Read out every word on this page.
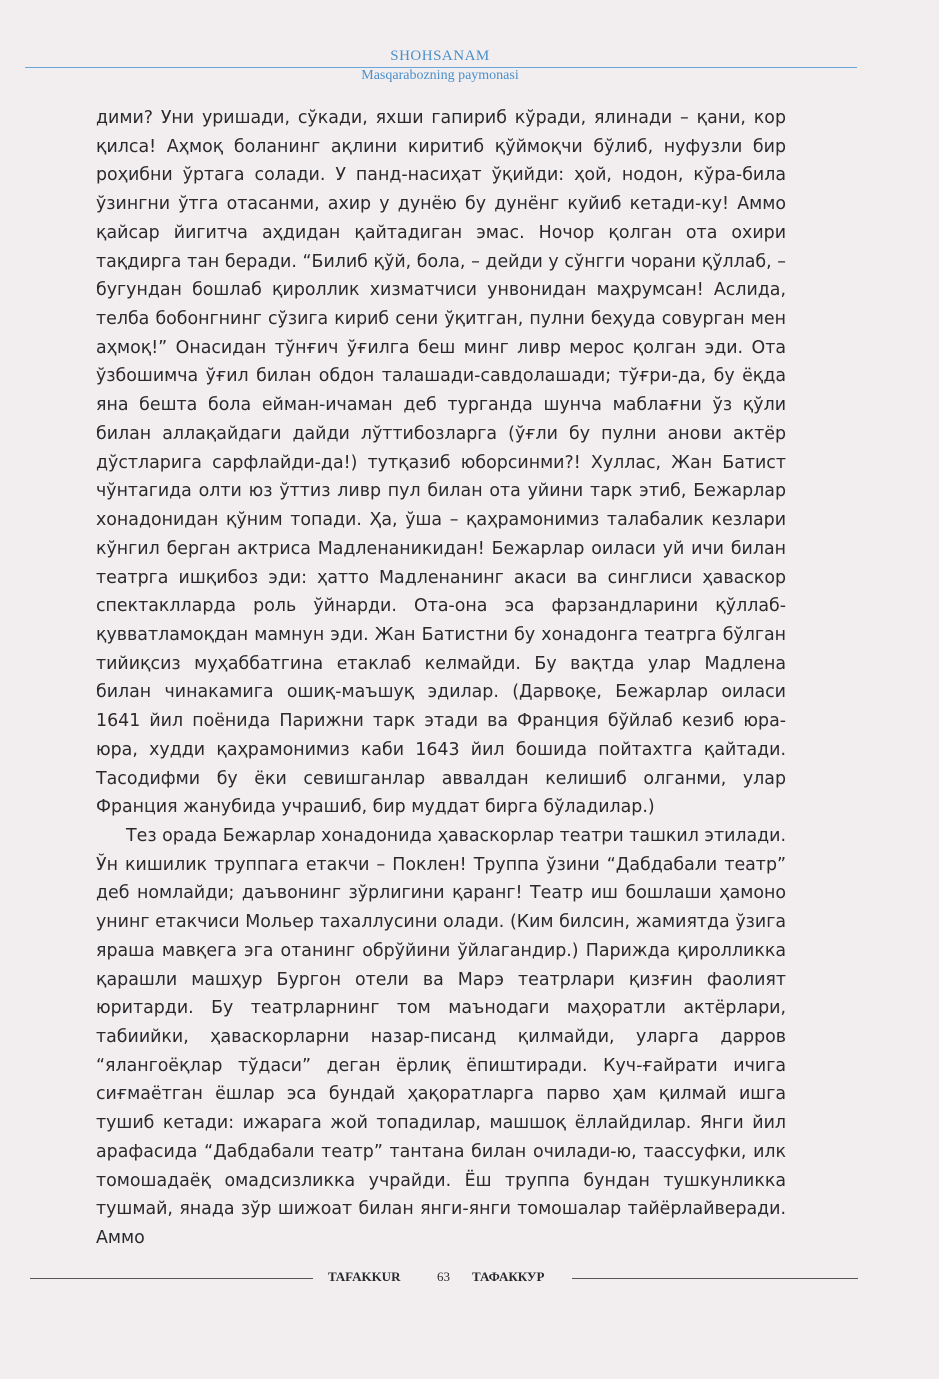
SHOHSANAM
Masqarabozning paymonasi

дими? Уни уришади, сўкади, яхши гапириб кўради, ялинади – қани, кор қилса! Аҳмоқ боланинг ақлини киритиб қўймоқчи бўлиб, нуфузли бир роҳибни ўртага солади. У панд-насиҳат ўқийди: ҳой, нодон, кўра-била ўзингни ўтга отасанми, ахир у дунёю бу дунёнг куйиб кетади-ку! Аммо қайсар йигитча аҳдидан қайтадиган эмас. Ночор қолган ота охири тақдирга тан беради. “Билиб қўй, бола, – дейди у сўнгги чорани қўллаб, – бугундан бошлаб қироллик хизматчиси унвонидан маҳрумсан! Аслида, телба бобонгнинг сўзига кириб сени ўқитган, пулни беҳуда совурган мен аҳмоқ!” Онасидан тўнғич ўғилга беш минг ливр мерос қолган эди. Ота ўзбошимча ўғил билан обдон талашади-савдолашади; тўғри-да, бу ёқда яна бешта бола ейман-ичаман деб турганда шунча маблағни ўз қўли билан аллақайдаги дайди лўттибозларга (ўғли бу пулни анови актёр дўстларига сарфлайди-да!) тутқазиб юборсинми?! Хуллас, Жан Батист чўнтагида олти юз ўттиз ливр пул билан ота уйини тарк этиб, Бежарлар хонадонидан қўним топади. Ҳа, ўша – қаҳрамонимиз талабалик кезлари кўнгил берган актриса Мадленаникидан! Бежарлар оиласи уй ичи билан театрга ишқибоз эди: ҳатто Мадленанинг акаси ва синглиси ҳаваскор спектаклларда роль ўйнарди. Ота-она эса фарзандларини қўллаб-қувватламоқдан мамнун эди. Жан Батистни бу хонадонга театрга бўлган тийиқсиз муҳаббатгина етаклаб келмайди. Бу вақтда улар Мадлена билан чинакамига ошиқ-маъшуқ эдилар. (Дарвоқе, Бежарлар оиласи 1641 йил поёнида Парижни тарк этади ва Франция бўйлаб кезиб юра-юра, худди қаҳрамонимиз каби 1643 йил бошида пойтахтга қайтади. Тасодифми бу ёки севишганлар аввалдан келишиб олганми, улар Франция жанубида учрашиб, бир муддат бирга бўладилар.)

Тез орада Бежарлар хонадонида ҳаваскорлар театри ташкил этилади. Ўн кишилик труппага етакчи – Поклен! Труппа ўзини “Дабдабали театр” деб номлайди; даъвонинг зўрлигини қаранг! Театр иш бошлаши ҳамоно унинг етакчиси Мольер тахаллусини олади. (Ким билсин, жамиятда ўзига яраша мавқега эга отанинг обрўйини ўйлагандир.) Парижда қиролликка қарашли машҳур Бургон отели ва Марэ театрлари қизғин фаолият юритарди. Бу театрларнинг том маънодаги маҳоратли актёрлари, табиийки, ҳаваскорларни назар-писанд қилмайди, уларга дарров “ялангоёқлар тўдаси” деган ёрлиқ ёпиштиради. Куч-ғайрати ичига сиғмаётган ёшлар эса бундай ҳақоратларга парво ҳам қилмай ишга тушиб кетади: ижарага жой топадилар, машшоқ ёллайдилар. Янги йил арафасида “Дабдабали театр” тантана билан очилади-ю, таассуфки, илк томошадаёқ омадсизликка учрайди. Ёш труппа бундан тушкунликка тушмай, янада зўр шижоат билан янги-янги томошалар тайёрлайверади. Аммо

TAFAKKUR	63 ТАФАККУР
